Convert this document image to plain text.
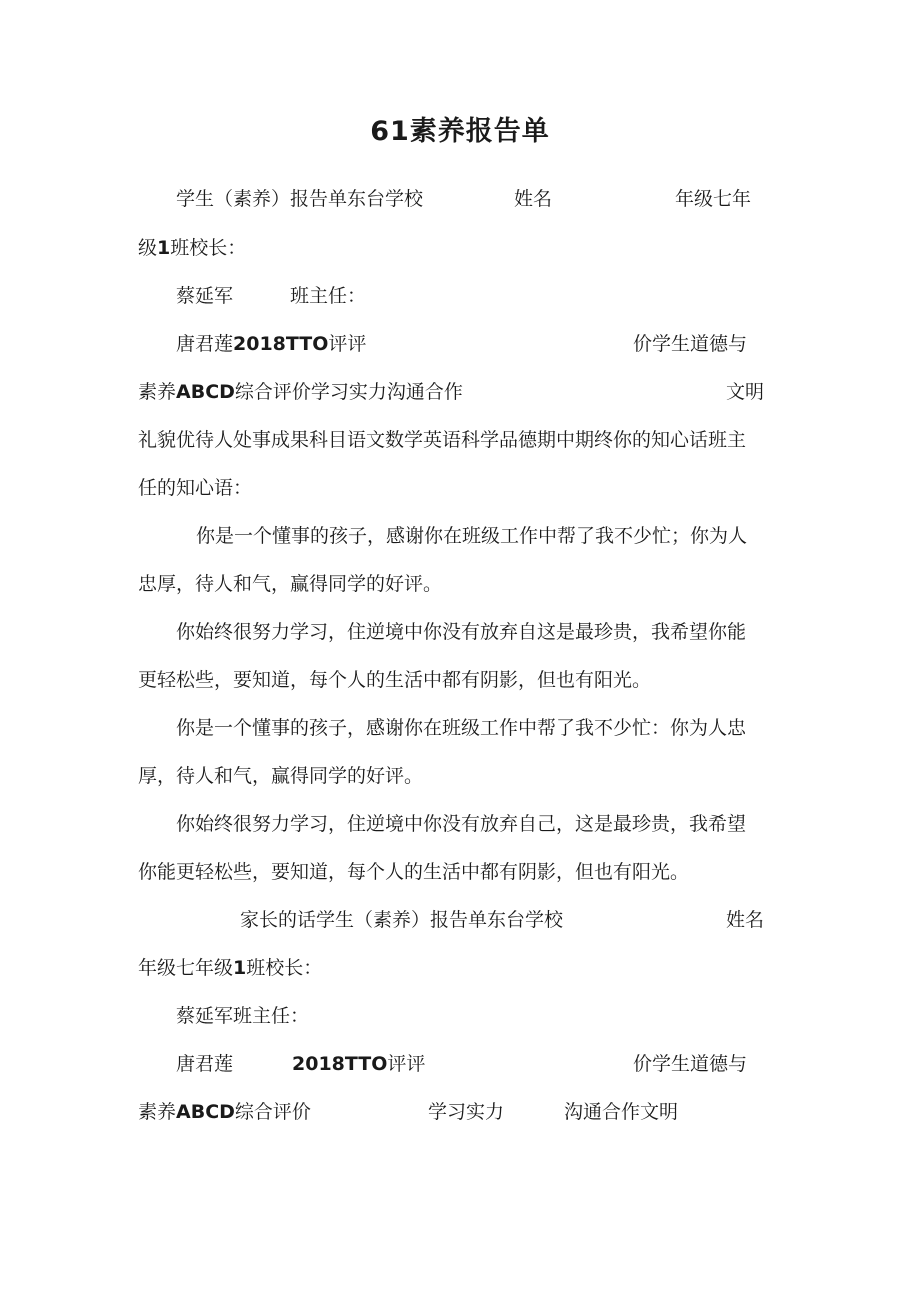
61素养报告单
学生（素养）报告单东台学校	姓名	年级七年
级1班校长：
蔡延军	班主任：
唐君莲2018TTO评评	价学生道德与
素养ABCD综合评价学习实力沟通合作	文明
礼貌优待人处事成果科目语文数学英语科学品德期中期终你的知心话班主
任的知心语：
你是一个懂事的孩子，感谢你在班级工作中帮了我不少忙；你为人
忠厚，待人和气，赢得同学的好评。
你始终很努力学习，住逆境中你没有放弃自这是最珍贵，我希望你能
更轻松些，要知道，每个人的生活中都有阴影，但也有阳光。
你是一个懂事的孩子，感谢你在班级工作中帮了我不少忙：你为人忠
厚，待人和气，赢得同学的好评。
你始终很努力学习，住逆境中你没有放弃自己，这是最珍贵，我希望
你能更轻松些，要知道，每个人的生活中都有阴影，但也有阳光。
家长的话学生（素养）报告单东台学校	姓名
年级七年级1班校长：
蔡延军班主任：
唐君莲	2018TTO评评	价学生道德与
素养ABCD综合评价	学习实力	沟通合作文明
